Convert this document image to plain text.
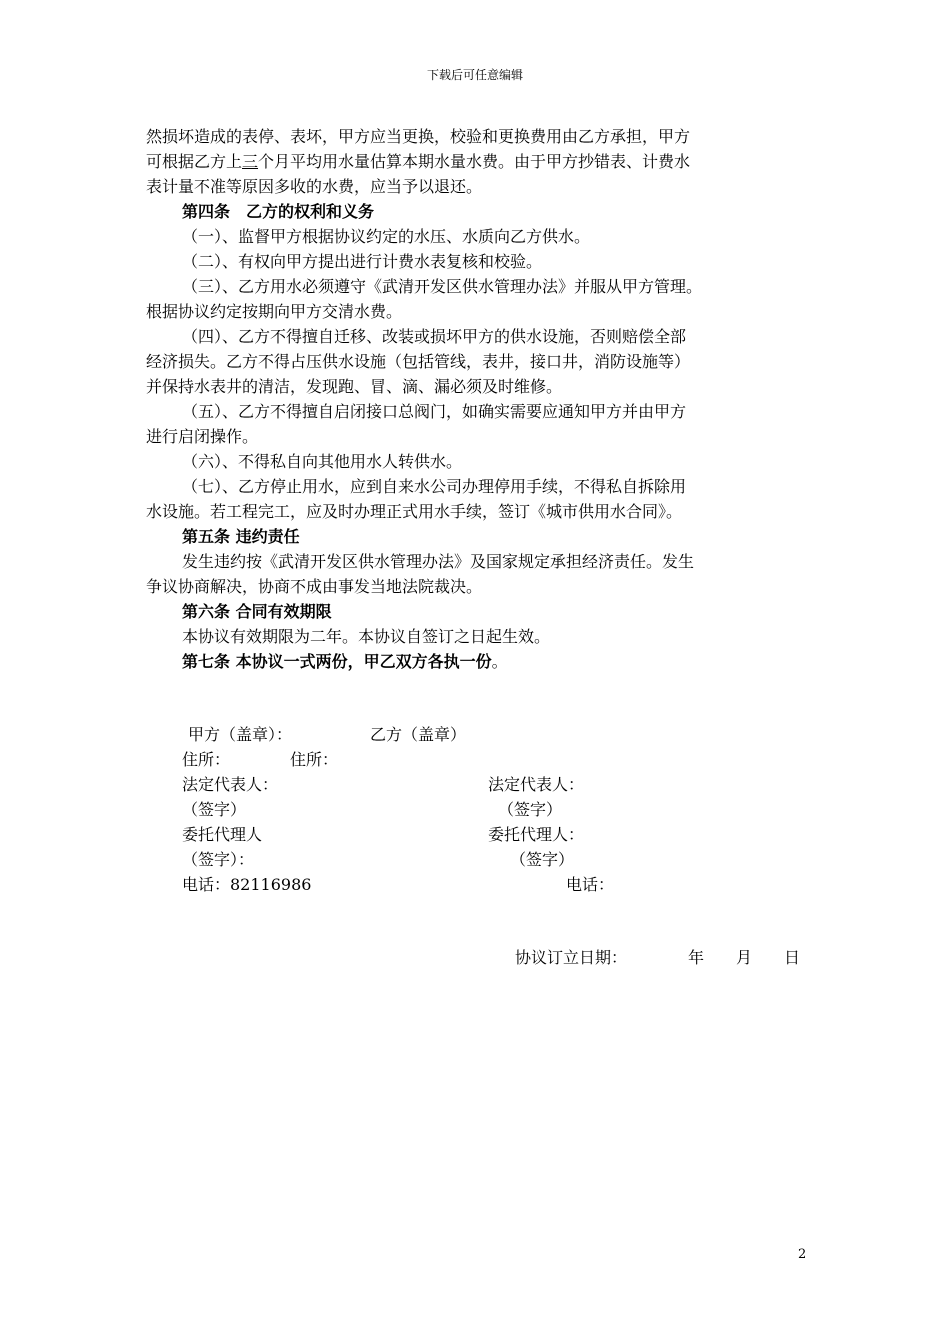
下载后可任意编辑
然损坏造成的表停、表坏，甲方应当更换，校验和更换费用由乙方承担，甲方
可根据乙方上三个月平均用水量估算本期水量水费。由于甲方抄错表、计费水
表计量不准等原因多收的水费，应当予以退还。
第四条　乙方的权利和义务
（一）、监督甲方根据协议约定的水压、水质向乙方供水。
（二）、有权向甲方提出进行计费水表复核和校验。
（三）、乙方用水必须遵守《武清开发区供水管理办法》并服从甲方管理。
根据协议约定按期向甲方交清水费。
（四）、乙方不得擅自迁移、改装或损坏甲方的供水设施，否则赔偿全部
经济损失。乙方不得占压供水设施（包括管线，表井，接口井，消防设施等）
并保持水表井的清洁，发现跑、冒、滴、漏必须及时维修。
（五）、乙方不得擅自启闭接口总阀门，如确实需要应通知甲方并由甲方
进行启闭操作。
（六）、不得私自向其他用水人转供水。
（七）、乙方停止用水，应到自来水公司办理停用手续，不得私自拆除用
水设施。若工程完工，应及时办理正式用水手续，签订《城市供用水合同》。
第五条 违约责任
发生违约按《武清开发区供水管理办法》及国家规定承担经济责任。发生
争议协商解决，协商不成由事发当地法院裁决。
第六条 合同有效期限
本协议有效期限为二年。本协议自签订之日起生效。
第七条 本协议一式两份，甲乙双方各执一份。
甲方（盖章）：	乙方（盖章）
住所：	住所：
法定代表人：	法定代表人：
（签字）	（签字）
委托代理人	委托代理人：
（签字）：	（签字）
电话：82116986	电话：
协议订立日期：	年 月 日
2
